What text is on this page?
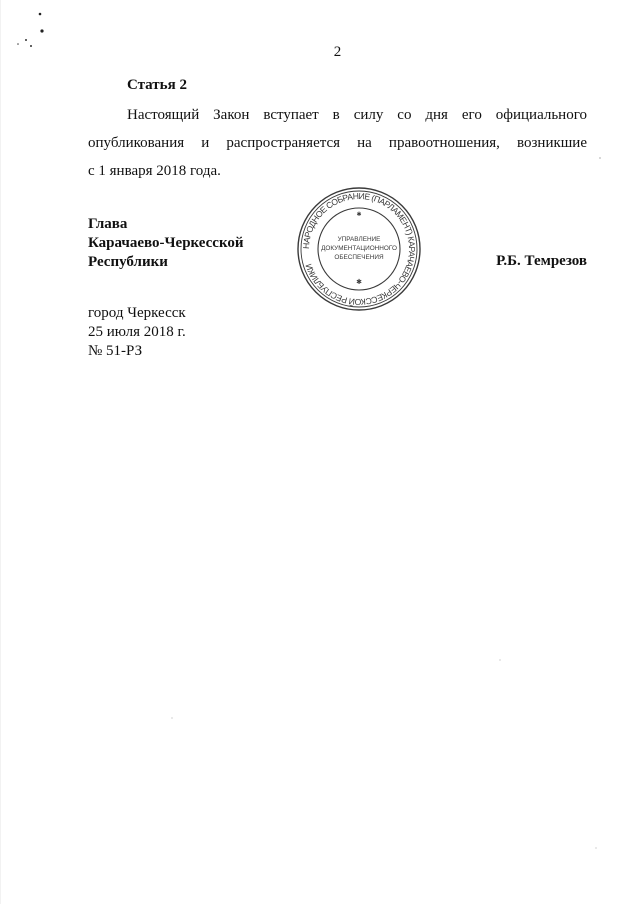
2
Статья 2
Настоящий Закон вступает в силу со дня его официального
опубликования и распространяется на правоотношения, возникшие
с 1 января 2018 года.
Глава
Карачаево-Черкесской
Республики
НАРОДНОЕ СОБРАНИЕ (ПАРЛАМЕНТ) КАРАЧАЕВО-ЧЕРКЕССКОЙ РЕСПУБЛИКИ
УПРАВЛЕНИЕ
ДОКУМЕНТАЦИОННОГО
ОБЕСПЕЧЕНИЯ
✱
✱
Р.Б. Темрезов
город Черкесск
25 июля 2018 г.
№ 51-РЗ
